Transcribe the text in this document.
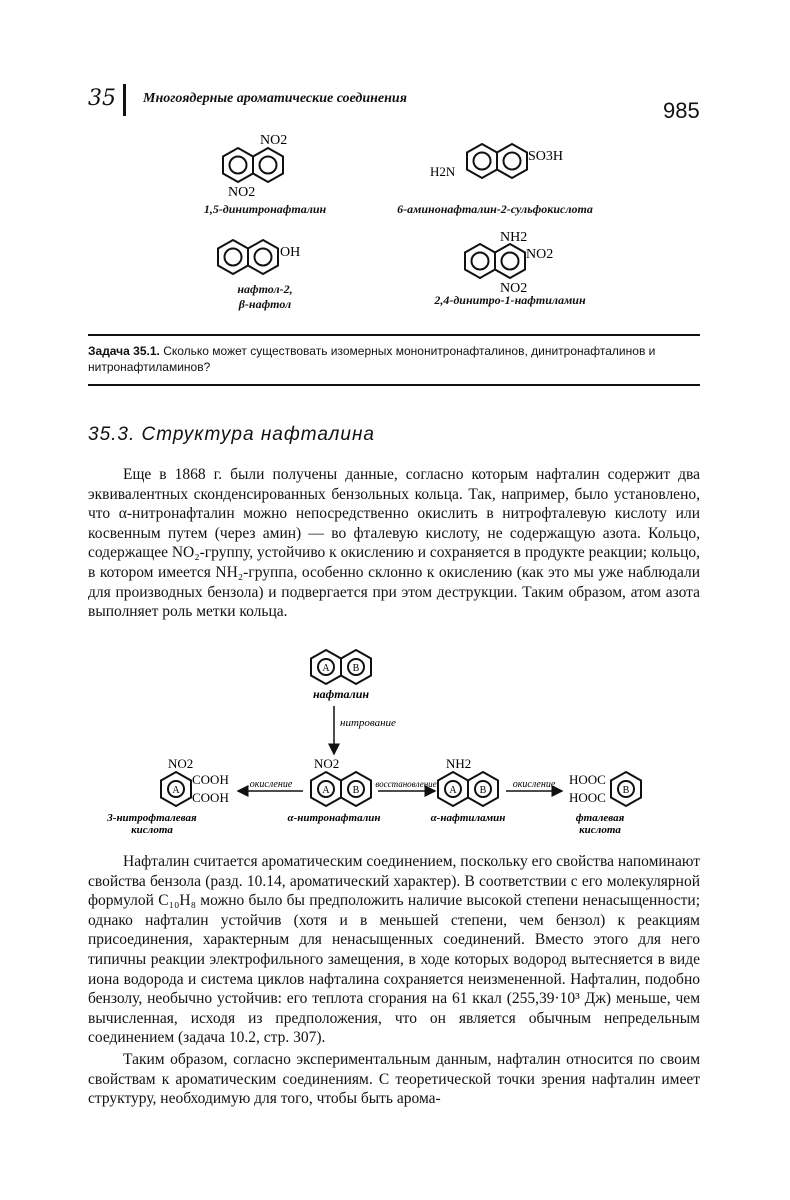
35 Многоядерные ароматические соединения	985
NO2
NO2
1,5-динитронафталин
H2N
SO3H
6-аминонафталин-2-сульфокислота
OH
нафтол-2,
β-нафтол
NH2
NO2
NO2
2,4-динитро-1-нафтиламин
Задача 35.1. Сколько может существовать изомерных мононитронафталинов, динитронафталинов и нитронафтиламинов?
35.3. Структура нафталина

Еще в 1868 г. были получены данные, согласно которым нафталин содержит два эквивалентных сконденсированных бензольных кольца. Так, например, было установлено, что α-нитронафталин можно непосредственно окислить в нитрофталевую кислоту или косвенным путем (через амин) — во фталевую кислоту, не содержащую азота. Кольцо, содержащее NO₂-группу, устойчиво к окислению и сохраняется в продукте реакции; кольцо, в котором имеется NH₂-группа, особенно склонно к окислению (как это мы уже наблюдали для производных бензола) и подвергается при этом деструкции. Таким образом, атом азота выполняет роль метки кольца.

A B
нафталин
нитрование
A
NO2
COOH
COOH
3-нитрофталевая
кислота
окисление
A B
NO2
α-нитронафталин
восстановление
A B
NH2
α-нафтиламин
окисление
B
HOOC
HOOC
фталевая
кислота

Нафталин считается ароматическим соединением, поскольку его свойства напоминают свойства бензола (разд. 10.14, ароматический характер). В соответствии с его молекулярной формулой C₁₀H₈ можно было бы предположить наличие высокой степени ненасыщенности; однако нафталин устойчив (хотя и в меньшей степени, чем бензол) к реакциям присоединения, характерным для ненасыщенных соединений. Вместо этого для него типичны реакции электрофильного замещения, в ходе которых водород вытесняется в виде иона водорода и система циклов нафталина сохраняется неизмененной. Нафталин, подобно бензолу, необычно устойчив: его теплота сгорания на 61 ккал (255,39·10³ Дж) меньше, чем вычисленная, исходя из предположения, что он является обычным непредельным соединением (задача 10.2, стр. 307).

Таким образом, согласно экспериментальным данным, нафталин относится по своим свойствам к ароматическим соединениям. С теоретической точки зрения нафталин имеет структуру, необходимую для того, чтобы быть арома-
